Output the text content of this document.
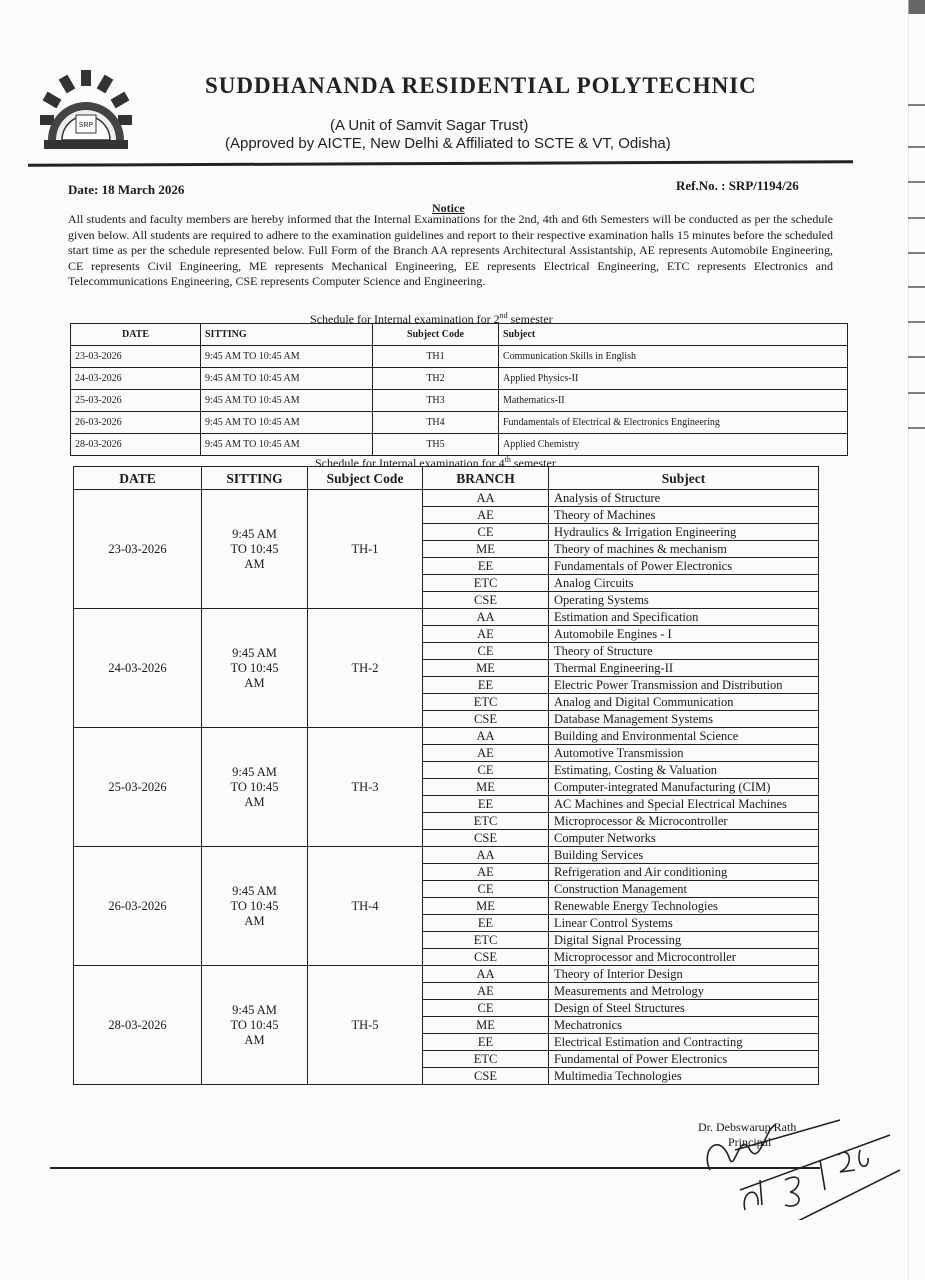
SRP
SUDDHANANDA RESIDENTIAL POLYTECHNIC
(A Unit of Samvit Sagar Trust)
(Approved by AICTE, New Delhi & Affiliated to SCTE & VT, Odisha)
Date: 18 March 2026	Ref.No. : SRP/1194/26
Notice
All students and faculty members are hereby informed that the Internal Examinations for the 2nd, 4th and 6th Semesters will be conducted as per the schedule given below. All students are required to adhere to the examination guidelines and report to their respective examination halls 15 minutes before the scheduled start time as per the schedule represented below. Full Form of the Branch AA represents Architectural Assistantship, AE represents Automobile Engineering, CE represents Civil Engineering, ME represents Mechanical Engineering, EE represents Electrical Engineering, ETC represents Electronics and Telecommunications Engineering, CSE represents Computer Science and Engineering.
Schedule for Internal examination for 2nd semester
DATE	SITTING	Subject Code	Subject
23-03-2026	9:45 AM TO 10:45 AM	TH1	Communication Skills in English
24-03-2026	9:45 AM TO 10:45 AM	TH2	Applied Physics-II
25-03-2026	9:45 AM TO 10:45 AM	TH3	Mathematics-II
26-03-2026	9:45 AM TO 10:45 AM	TH4	Fundamentals of Electrical & Electronics Engineering
28-03-2026	9:45 AM TO 10:45 AM	TH5	Applied Chemistry
Schedule for Internal examination for 4th semester
DATE	SITTING	Subject Code	BRANCH	Subject
23-03-2026	9:45 AM TO 10:45 AM	TH-1	AA	Analysis of Structure
			AE	Theory of Machines
			CE	Hydraulics & Irrigation Engineering
			ME	Theory of machines & mechanism
			EE	Fundamentals of Power Electronics
			ETC	Analog Circuits
			CSE	Operating Systems
24-03-2026	9:45 AM TO 10:45 AM	TH-2	AA	Estimation and Specification
			AE	Automobile Engines - I
			CE	Theory of Structure
			ME	Thermal Engineering-II
			EE	Electric Power Transmission and Distribution
			ETC	Analog and Digital Communication
			CSE	Database Management Systems
25-03-2026	9:45 AM TO 10:45 AM	TH-3	AA	Building and Environmental Science
			AE	Automotive Transmission
			CE	Estimating, Costing & Valuation
			ME	Computer-integrated Manufacturing (CIM)
			EE	AC Machines and Special Electrical Machines
			ETC	Microprocessor & Microcontroller
			CSE	Computer Networks
26-03-2026	9:45 AM TO 10:45 AM	TH-4	AA	Building Services
			AE	Refrigeration and Air conditioning
			CE	Construction Management
			ME	Renewable Energy Technologies
			EE	Linear Control Systems
			ETC	Digital Signal Processing
			CSE	Microprocessor and Microcontroller
28-03-2026	9:45 AM TO 10:45 AM	TH-5	AA	Theory of Interior Design
			AE	Measurements and Metrology
			CE	Design of Steel Structures
			ME	Mechatronics
			EE	Electrical Estimation and Contracting
			ETC	Fundamental of Power Electronics
			CSE	Multimedia Technologies
Dr. Debswarup Rath
Principal
